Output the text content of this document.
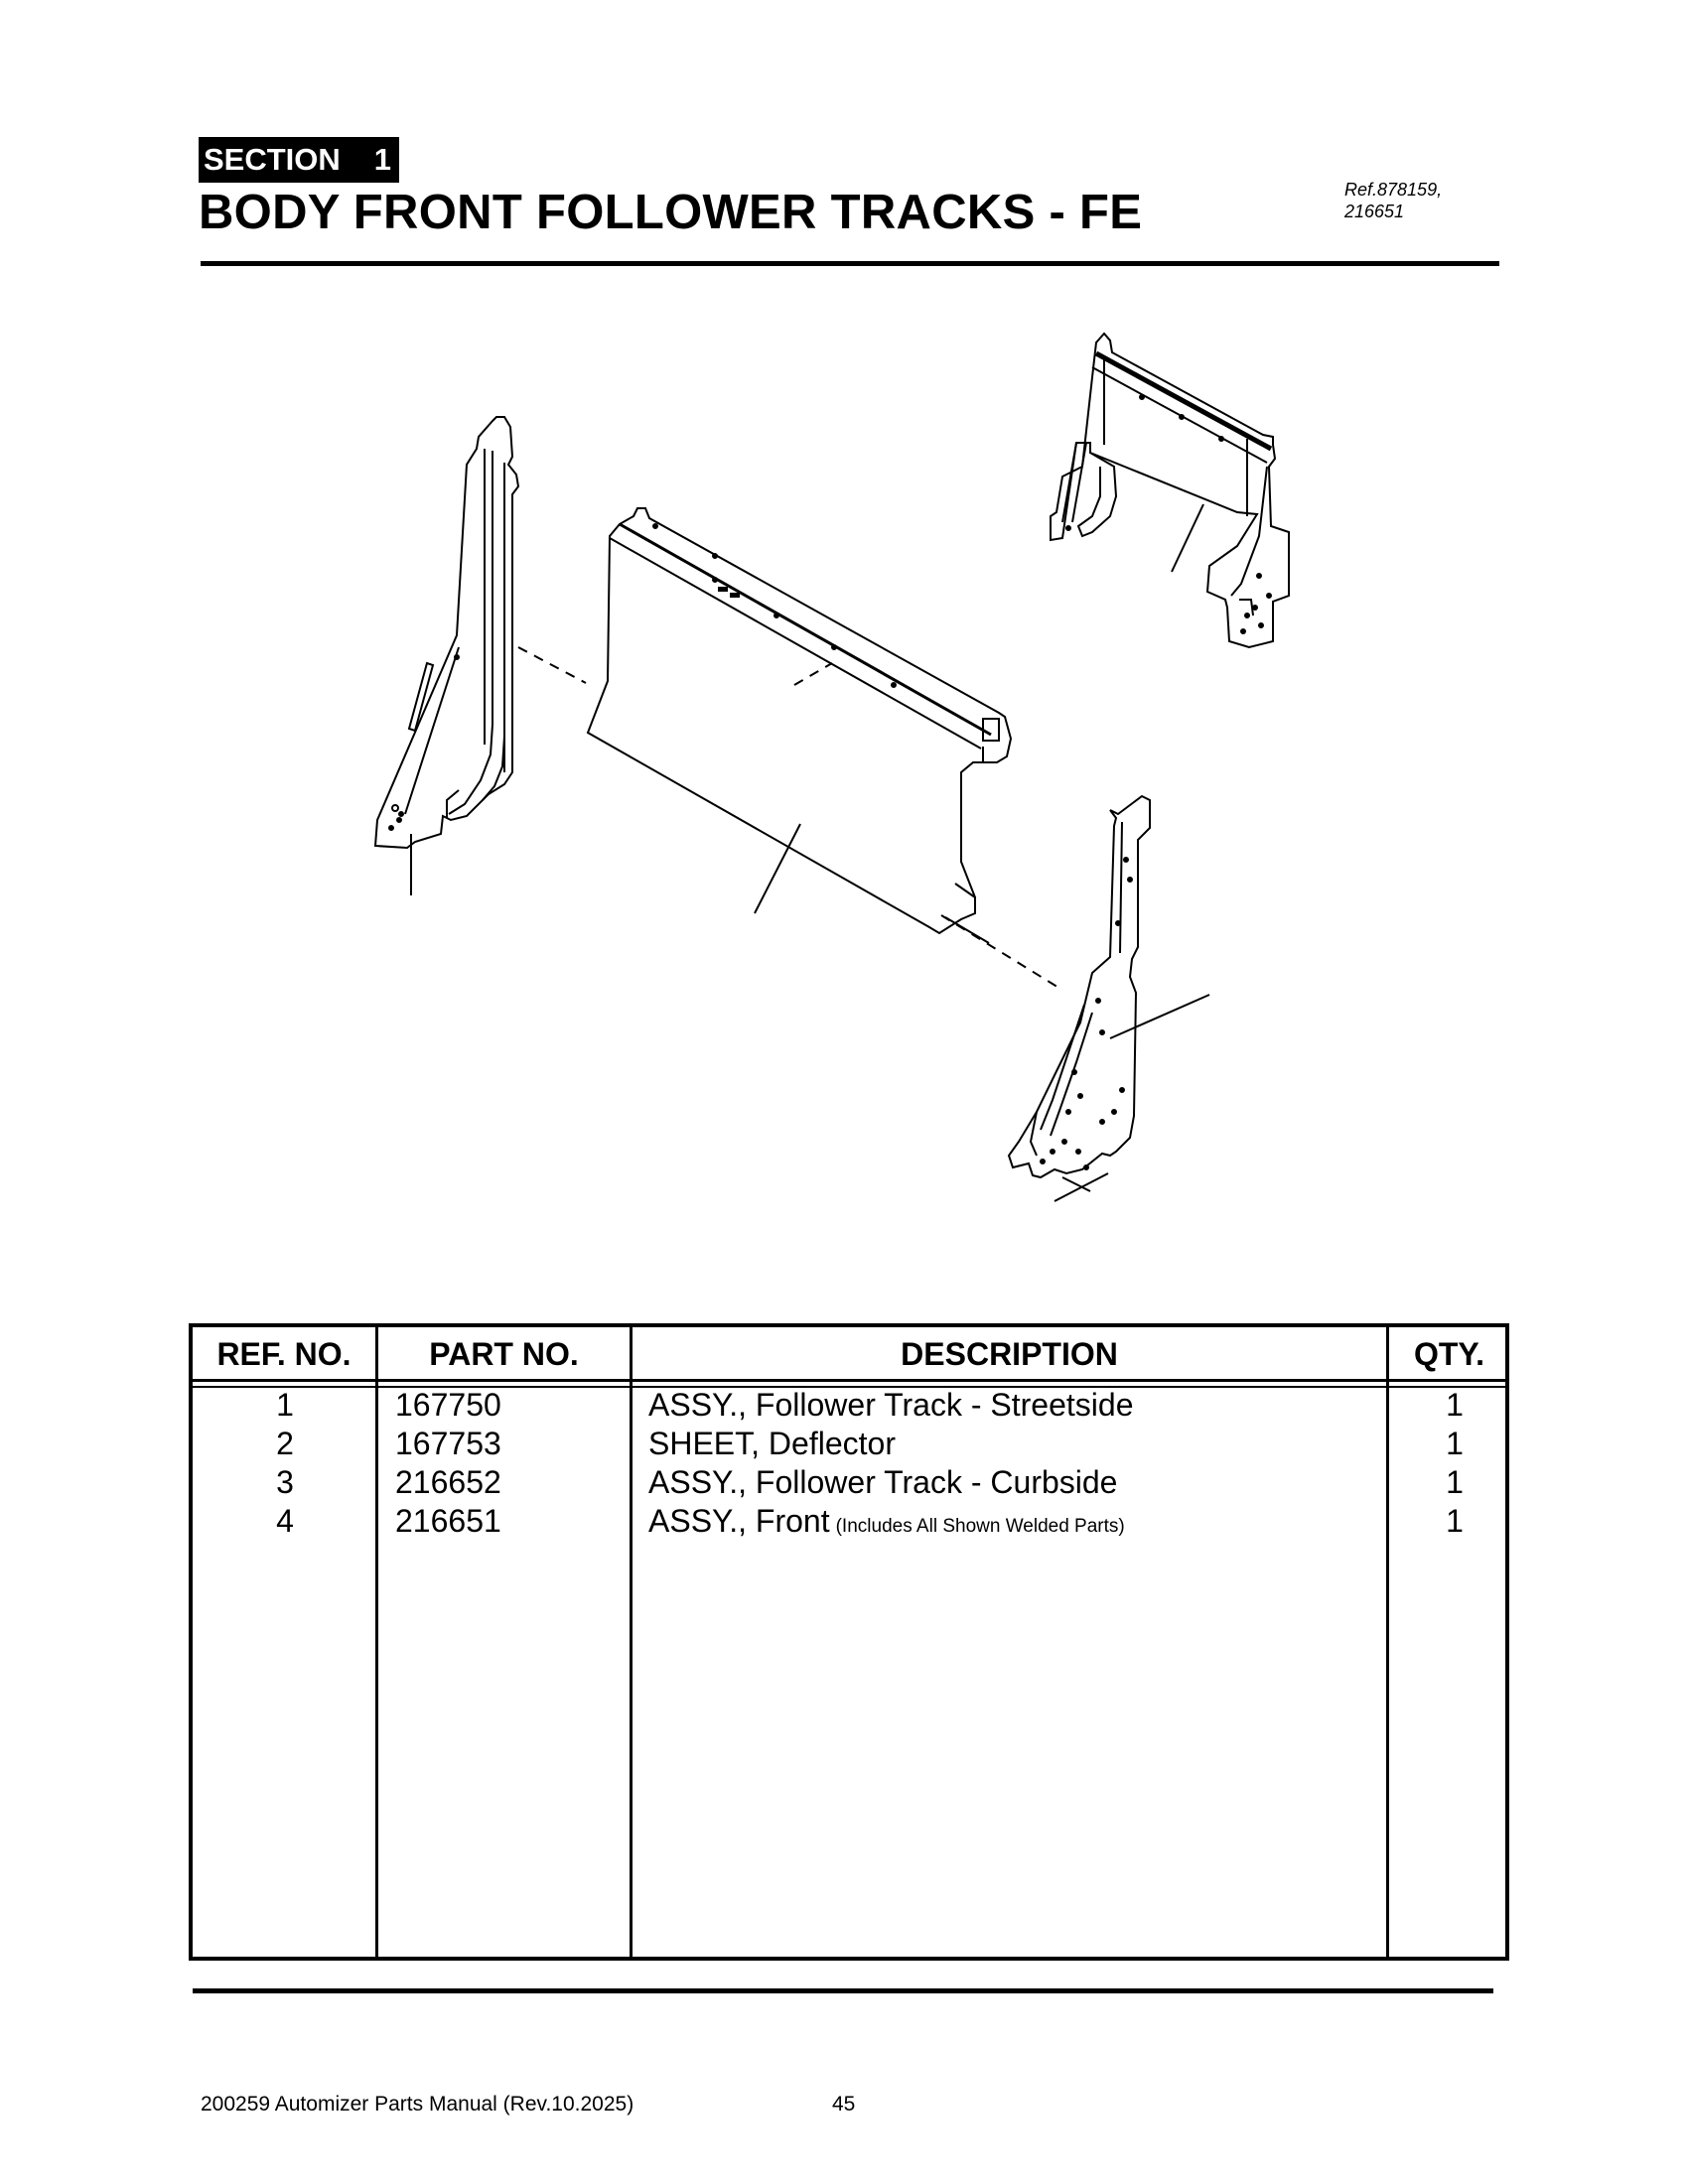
SECTION 1
BODY FRONT FOLLOWER TRACKS - FE	Ref.878159,
216651
REF. NO.	PART NO.	DESCRIPTION	QTY.
1	167750	ASSY., Follower Track - Streetside	1
2	167753	SHEET, Deflector	1
3	216652	ASSY., Follower Track - Curbside	1
4	216651	ASSY., Front (Includes All Shown Welded Parts)	1
200259 Automizer Parts Manual (Rev.10.2025)	45
